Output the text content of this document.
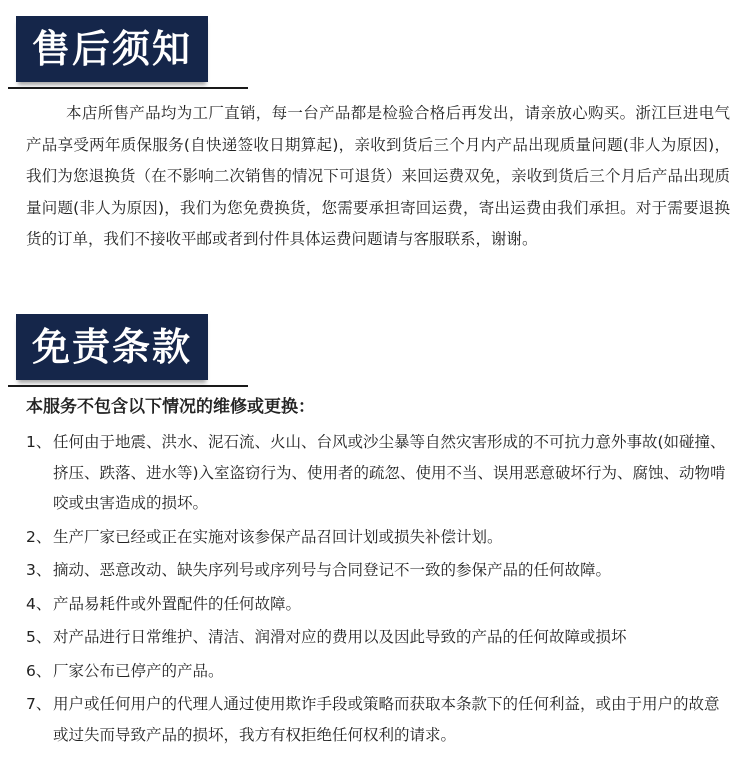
售后须知

本店所售产品均为工厂直销，每一台产品都是检验合格后再发出，请亲放心购买。浙江巨进电气产品享受两年质保服务(自快递签收日期算起)，亲收到货后三个月内产品出现质量问题(非人为原因)，我们为您退换货（在不影响二次销售的情况下可退货）来回运费双免，亲收到货后三个月后产品出现质量问题(非人为原因)，我们为您免费换货，您需要承担寄回运费，寄出运费由我们承担。对于需要退换货的订单，我们不接收平邮或者到付件具体运费问题请与客服联系，谢谢。

免责条款

本服务不包含以下情况的维修或更换：

1、 任何由于地震、洪水、泥石流、火山、台风或沙尘暴等自然灾害形成的不可抗力意外事故(如碰撞、挤压、跌落、进水等)入室盗窃行为、使用者的疏忽、使用不当、误用恶意破坏行为、腐蚀、动物啃咬或虫害造成的损坏。
2、 生产厂家已经或正在实施对该参保产品召回计划或损失补偿计划。
3、 摘动、恶意改动、缺失序列号或序列号与合同登记不一致的参保产品的任何故障。
4、 产品易耗件或外置配件的任何故障。
5、 对产品进行日常维护、清洁、润滑对应的费用以及因此导致的产品的任何故障或损坏
6、 厂家公布已停产的产品。
7、 用户或任何用户的代理人通过使用欺诈手段或策略而获取本条款下的任何利益，或由于用户的故意或过失而导致产品的损坏，我方有权拒绝任何权利的请求。
